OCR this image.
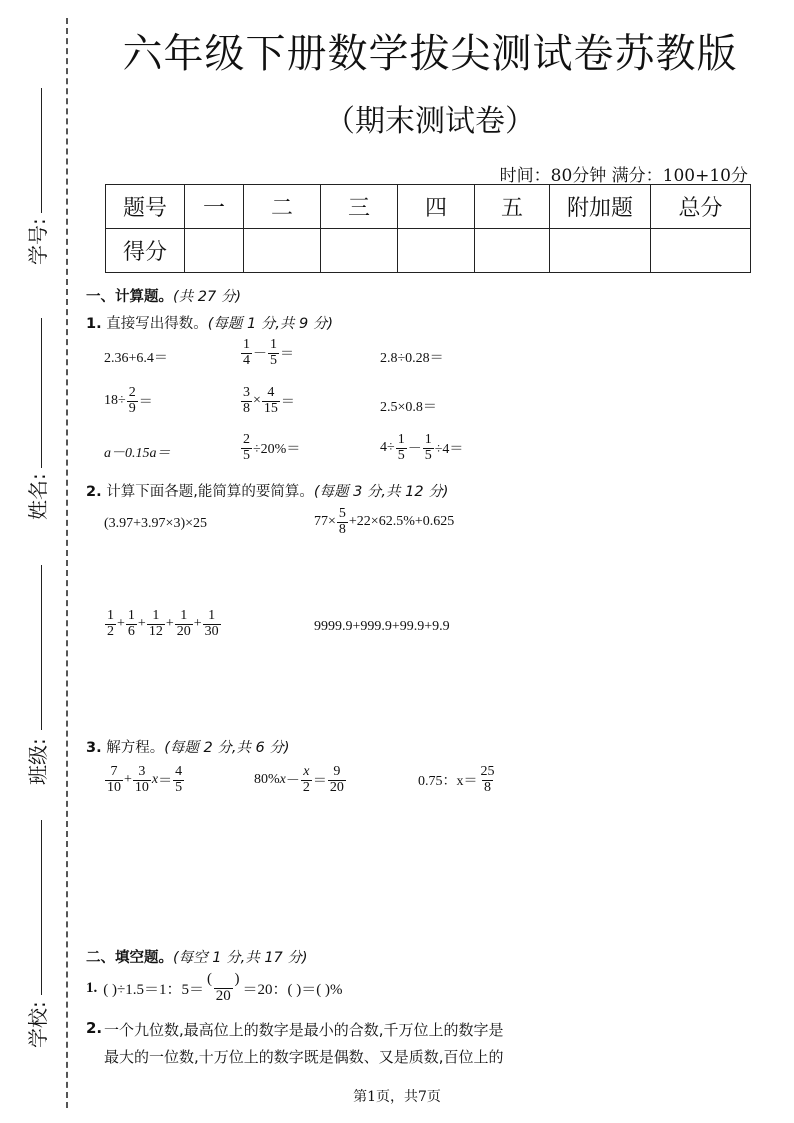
学号:
姓名:
班级:
学校:
六年级下册数学拔尖测试卷苏教版
（期末测试卷）
时间：80分钟 满分：100+10分
题号	一	二	三	四	五	附加题	总分
得分							
一、计算题。(共 27 分)
1. 直接写出得数。(每题 1 分,共 9 分)
2.36+6.4＝	$\frac{1}{4} - \frac{1}{5}$ ＝	2.8÷0.28＝
$18\div \frac{2}{9}$ ＝	$\frac{3}{8} \times \frac{4}{15}$ ＝	2.5×0.8＝
a－0.15a＝	$\frac{2}{5} \div 20\%=$	$4\div \frac{1}{5} - \frac{1}{5} \div 4=$
2. 计算下面各题,能简算的要简算。(每题 3 分,共 12 分)
(3.97+3.97×3)×25	$77\times \frac{5}{8} +22\times 62.5\%+0.625$
$\frac{1}{2} + \frac{1}{6} + \frac{1}{12} + \frac{1}{20} + \frac{1}{30}$	9999.9+999.9+99.9+9.9
3. 解方程。(每题 2 分,共 6 分)
$\frac{7}{10} + \frac{3}{10}$ $x = \frac{4}{5}$	80% $x - \frac{x}{2} = \frac{9}{20}$	0.75：$x= \frac{25}{8}$
二、填空题。(每空 1 分,共 17 分)
1. ( )÷1.5＝1：$5= \frac{( )}{20} =20$：( )＝( )%
2. 一个九位数,最高位上的数字是最小的合数,千万位上的数字是
最大的一位数,十万位上的数字既是偶数、又是质数,百位上的
第1页，共7页
